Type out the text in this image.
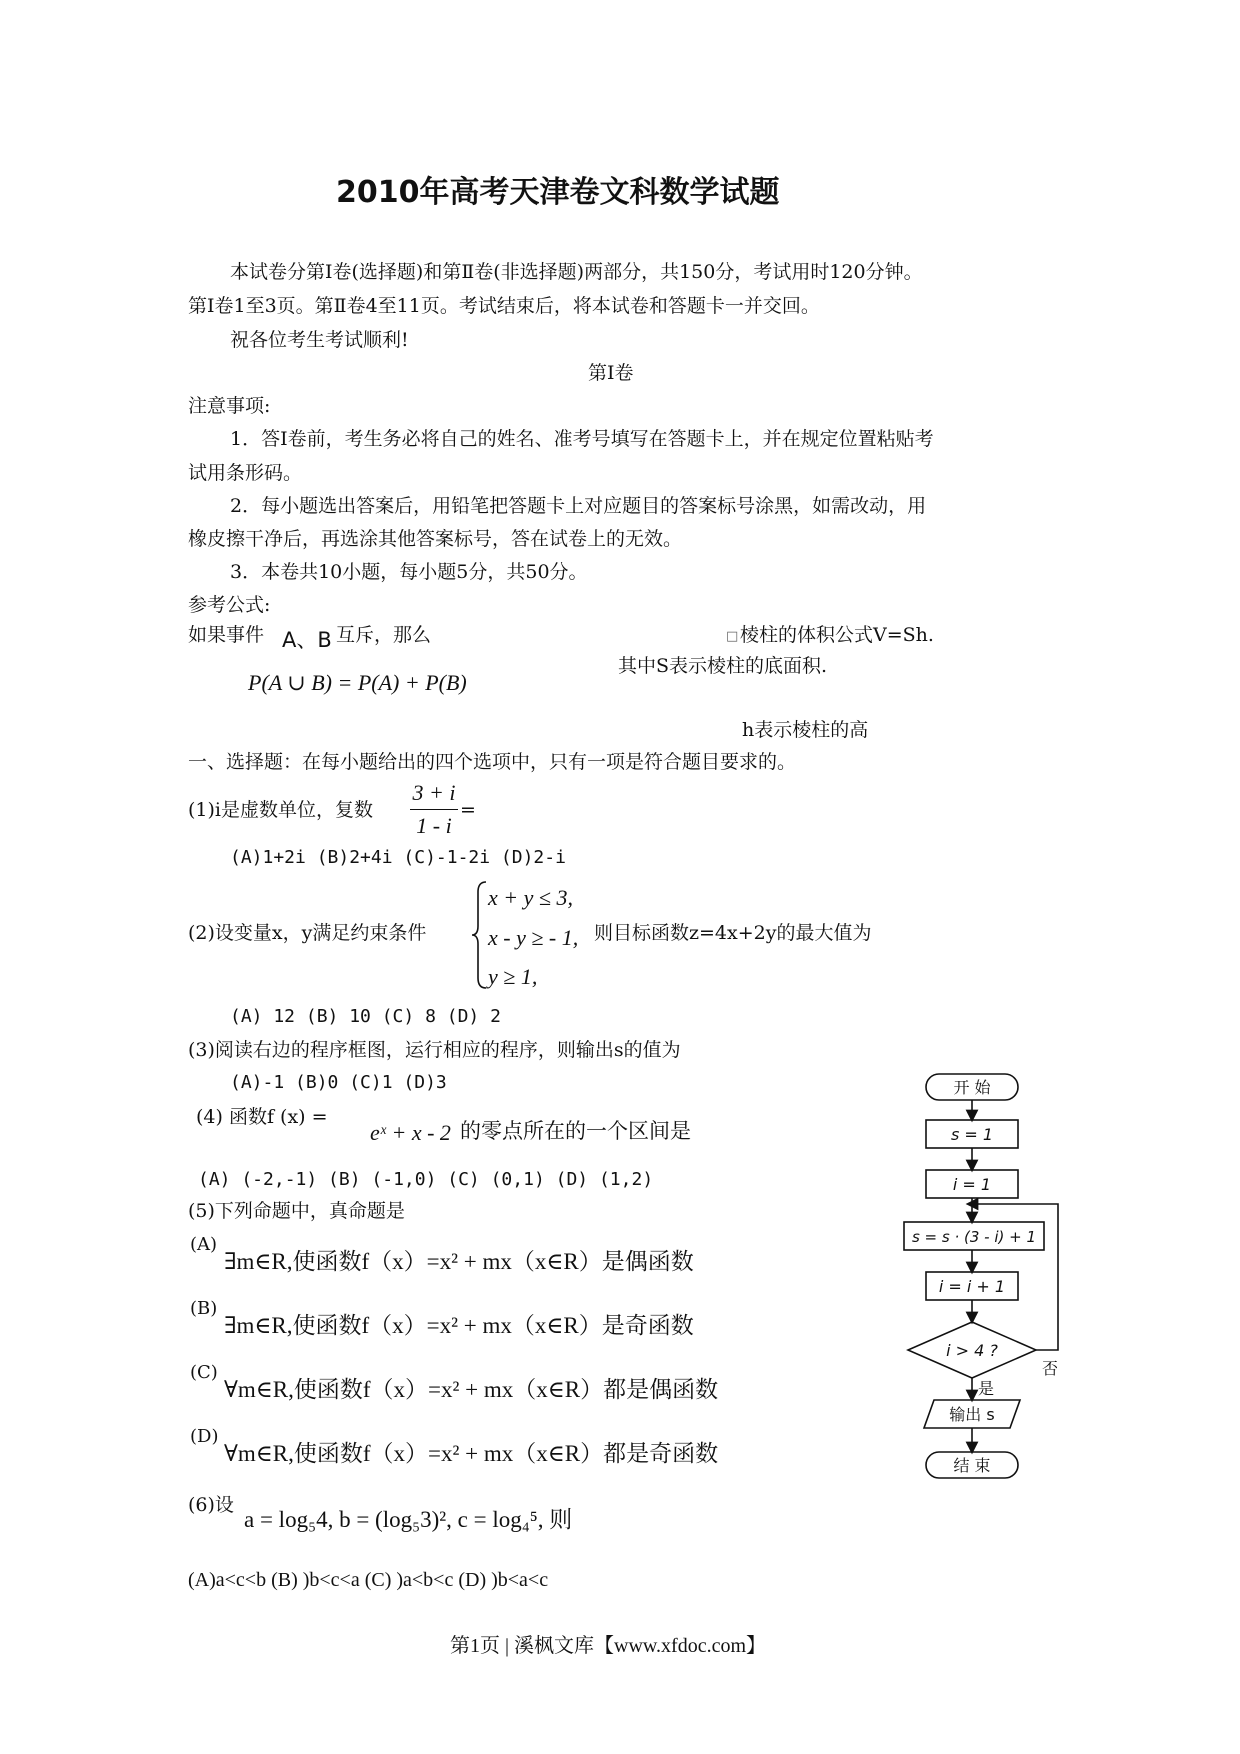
2010年高考天津卷文科数学试题
本试卷分第Ⅰ卷(选择题)和第Ⅱ卷(非选择题)两部分，共150分，考试用时120分钟。
第Ⅰ卷1至3页。第Ⅱ卷4至11页。考试结束后，将本试卷和答题卡一并交回。
祝各位考生考试顺利!
第Ⅰ卷
注意事项:
1．答Ⅰ卷前，考生务必将自己的姓名、准考号填写在答题卡上，并在规定位置粘贴考
试用条形码。
2．每小题选出答案后，用铅笔把答题卡上对应题目的答案标号涂黑，如需改动，用
橡皮擦干净后，再选涂其他答案标号，答在试卷上的无效。
3．本卷共10小题，每小题5分，共50分。
参考公式:
如果事件 A、B 互斥，那么
P(A ∪ B) = P(A) + P(B)
□ 棱柱的体积公式V=Sh.
其中S表示棱柱的底面积.
h表示棱柱的高
一、选择题：在每小题给出的四个选项中，只有一项是符合题目要求的。
(1)i是虚数单位，复数
3 + i
1 - i
=
(A)1+2i (B)2+4i (C)-1-2i (D)2-i
(2)设变量x，y满足约束条件
x + y ≤ 3,
x - y ≥ - 1,
y ≥ 1,
则目标函数z=4x+2y的最大值为
(A) 12 (B) 10 (C) 8 (D) 2
(3)阅读右边的程序框图，运行相应的程序，则输出s的值为
(A)-1 (B)0 (C)1 (D)3
(4) 函数f (x) =
eˣ + x - 2 的零点所在的一个区间是
(A) (-2,-1) (B) (-1,0) (C) (0,1) (D) (1,2)
(5)下列命题中，真命题是
(A)
∃m∈R,使函数f（x）=x² + mx（x∈R）是偶函数
(B)
∃m∈R,使函数f（x）=x² + mx（x∈R）是奇函数
(C)
∀m∈R,使函数f（x）=x² + mx（x∈R）都是偶函数
(D)
∀m∈R,使函数f（x）=x² + mx（x∈R）都是奇函数
(6)设
a = log₅4, b = (log₅3)², c = log₄⁵, 则
(A)a<c<b (B) )b<c<a (C) )a<b<c (D) )b<a<c
开 始
s = 1
i = 1
s = s · (3 - i) + 1
i = i + 1
i > 4 ?
否
是
输出 s
结 束
第1页 | 溪枫文库【www.xfdoc.com】
